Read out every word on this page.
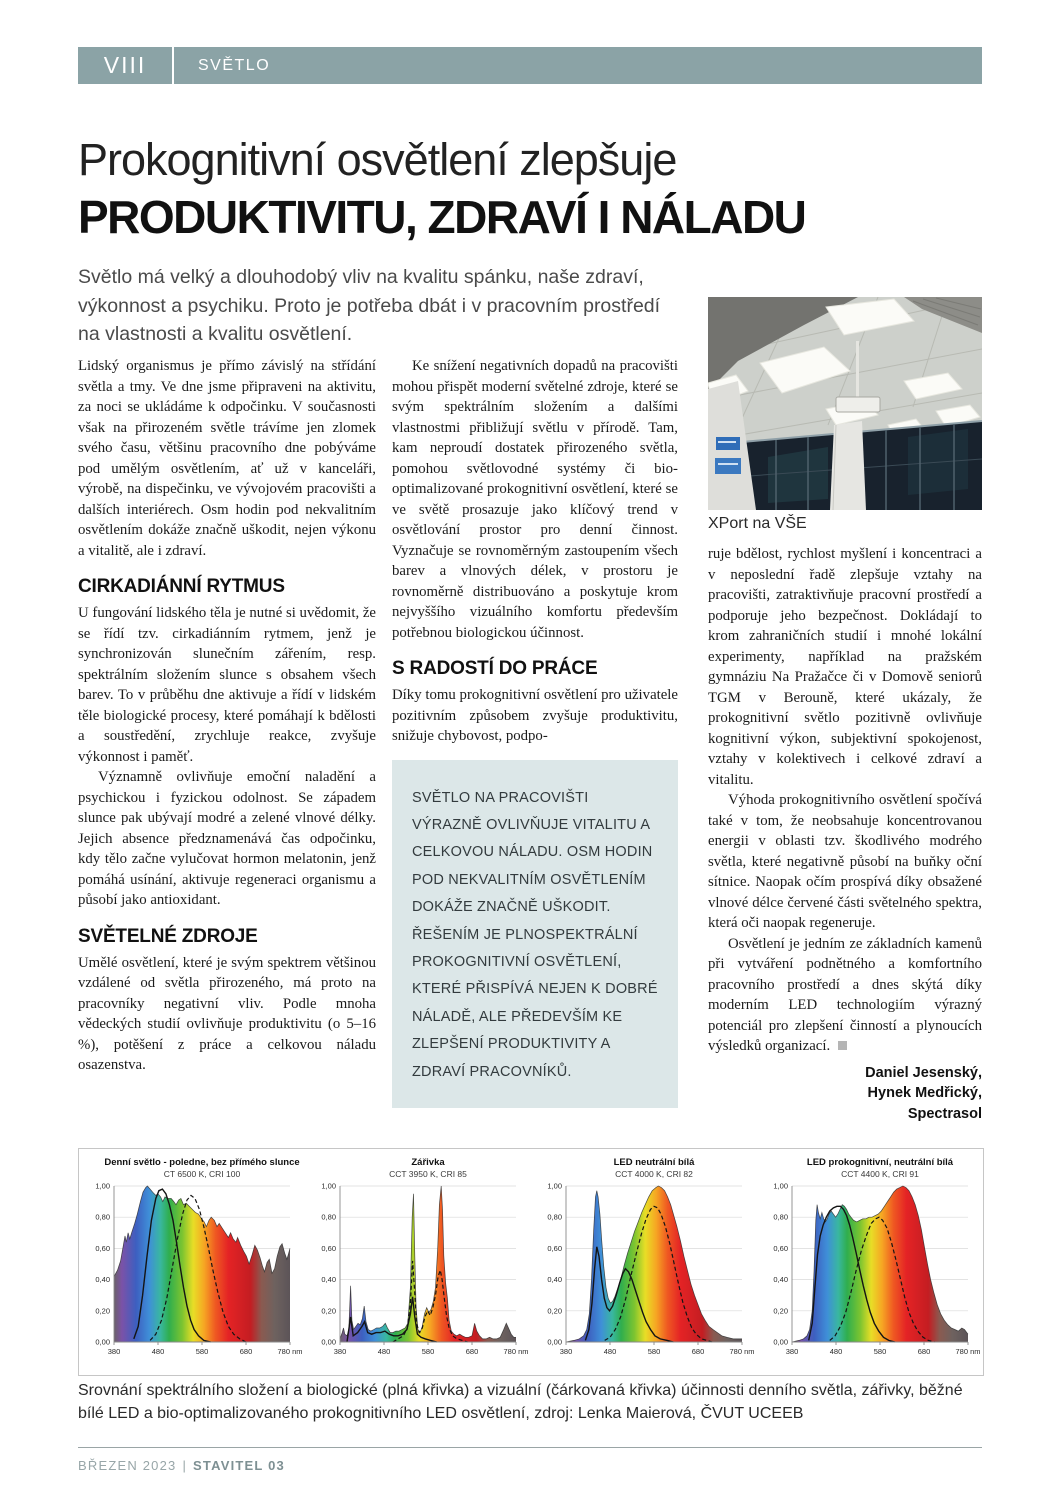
VIII	SVĚTLO
Prokognitivní osvětlení zlepšuje
PRODUKTIVITU, ZDRAVÍ I NÁLADU
Světlo má velký a dlouhodobý vliv na kvalitu spánku, naše zdraví, výkonnost a psychiku. Proto je potřeba dbát i v pracovním prostředí na vlastnosti a kvalitu osvětlení.

Lidský organismus je přímo závislý na střídání světla a tmy. Ve dne jsme připraveni na aktivitu, za noci se ukládáme k odpočinku. V současnosti však na přirozeném světle trávíme jen zlomek svého času, většinu pracovního dne pobýváme pod umělým osvětlením, ať už v kanceláři, výrobě, na dispečinku, ve vývojovém pracovišti a dalších interiérech. Osm hodin pod nekvalitním osvětlením dokáže značně uškodit, nejen výkonu a vitalitě, ale i zdraví.

CIRKADIÁNNÍ RYTMUS

U fungování lidského těla je nutné si uvědomit, že se řídí tzv. cirkadiánním rytmem, jenž je synchronizován slunečním zářením, resp. spektrálním složením slunce s obsahem všech barev. To v průběhu dne aktivuje a řídí v lidském těle biologické procesy, které pomáhají k bdělosti a soustředění, zrychluje reakce, zvyšuje výkonnost i paměť.

Významně ovlivňuje emoční naladění a psychickou i fyzickou odolnost. Se západem slunce pak ubývají modré a zelené vlnové délky. Jejich absence předznamenává čas odpočinku, kdy tělo začne vylučovat hormon melatonin, jenž pomáhá usínání, aktivuje regeneraci organismu a působí jako antioxidant.

SVĚTELNÉ ZDROJE

Umělé osvětlení, které je svým spektrem většinou vzdálené od světla přirozeného, má proto na pracovníky negativní vliv. Podle mnoha vědeckých studií ovlivňuje produktivitu (o 5–16 %), potěšení z práce a celkovou náladu osazenstva.

Ke snížení negativních dopadů na pracovišti mohou přispět moderní světelné zdroje, které se svým spektrálním složením a dalšími vlastnostmi přibližují světlu v přírodě. Tam, kam neproudí dostatek přirozeného světla, pomohou světlovodné systémy či bio-optimalizované prokognitivní osvětlení, které se ve světě prosazuje jako klíčový trend v osvětlování prostor pro denní činnost. Vyznačuje se rovnoměrným zastoupením všech barev a vlnových délek, v prostoru je rovnoměrně distribuováno a poskytuje krom nejvyššího vizuálního komfortu především potřebnou biologickou účinnost.

S RADOSTÍ DO PRÁCE

Díky tomu prokognitivní osvětlení pro uživatele pozitivním způsobem zvyšuje produktivitu, snižuje chybovost, podpo-

SVĚTLO NA PRACOVIŠTI VÝRAZNĚ OVLIVŇUJE VITALITU A CELKOVOU NÁLADU. OSM HODIN POD NEKVALITNÍM OSVĚTLENÍM DOKÁŽE ZNAČNĚ UŠKODIT. ŘEŠENÍM JE PLNOSPEKTRÁLNÍ PROKOGNITIVNÍ OSVĚTLENÍ, KTERÉ PŘISPÍVÁ NEJEN K DOBRÉ NÁLADĚ, ALE PŘEDEVŠÍM KE ZLEPŠENÍ PRODUKTIVITY A ZDRAVÍ PRACOVNÍKŮ.

XPort na VŠE

ruje bdělost, rychlost myšlení i koncentraci a v neposlední řadě zlepšuje vztahy na pracovišti, zatraktivňuje pracovní prostředí a podporuje jeho bezpečnost. Dokládají to krom zahraničních studií i mnohé lokální experimenty, například na pražském gymnáziu Na Pražačce či v Domově seniorů TGM v Berouně, které ukázaly, že prokognitivní světlo pozitivně ovlivňuje kognitivní výkon, subjektivní spokojenost, vztahy v kolektivech i celkové zdraví a vitalitu.

Výhoda prokognitivního osvětlení spočívá také v tom, že neobsahuje koncentrovanou energii v oblasti tzv. škodlivého modrého světla, které negativně působí na buňky oční sítnice. Naopak očím prospívá díky obsažené vlnové délce červené části světelného spektra, která oči naopak regeneruje.

Osvětlení je jedním ze základních kamenů při vytváření podnětného a komfortního pracovního prostředí a dnes skýtá díky moderním LED technologiím výrazný potenciál pro zlepšení činností a plynoucích výsledků organizací.

Daniel Jesenský,
Hynek Medřický,
Spectrasol
0,00
0,20
0,40
0,60
0,80
1,00
380	480	580	680	780 nm
Denní světlo - poledne, bez přímého slunce
CT 6500 K, CRI 100
0,00
0,20
0,40
0,60
0,80
1,00
380	480	580	680	780 nm
Zářivka
CCT 3950 K, CRI 85
0,00
0,20
0,40
0,60
0,80
1,00
380	480	580	680	780 nm
LED neutrální bílá
CCT 4000 K, CRI 82
0,00
0,20
0,40
0,60
0,80
1,00
380	480	580	680	780 nm
LED prokognitivní, neutrální bílá
CCT 4400 K, CRI 91
Srovnání spektrálního složení a biologické (plná křivka) a vizuální (čárkovaná křivka) účinnosti denního světla, zářivky, běžné bílé LED a bio-optimalizovaného prokognitivního LED osvětlení, zdroj: Lenka Maierová, ČVUT UCEEB
BŘEZEN 2023 | STAVITEL 03
